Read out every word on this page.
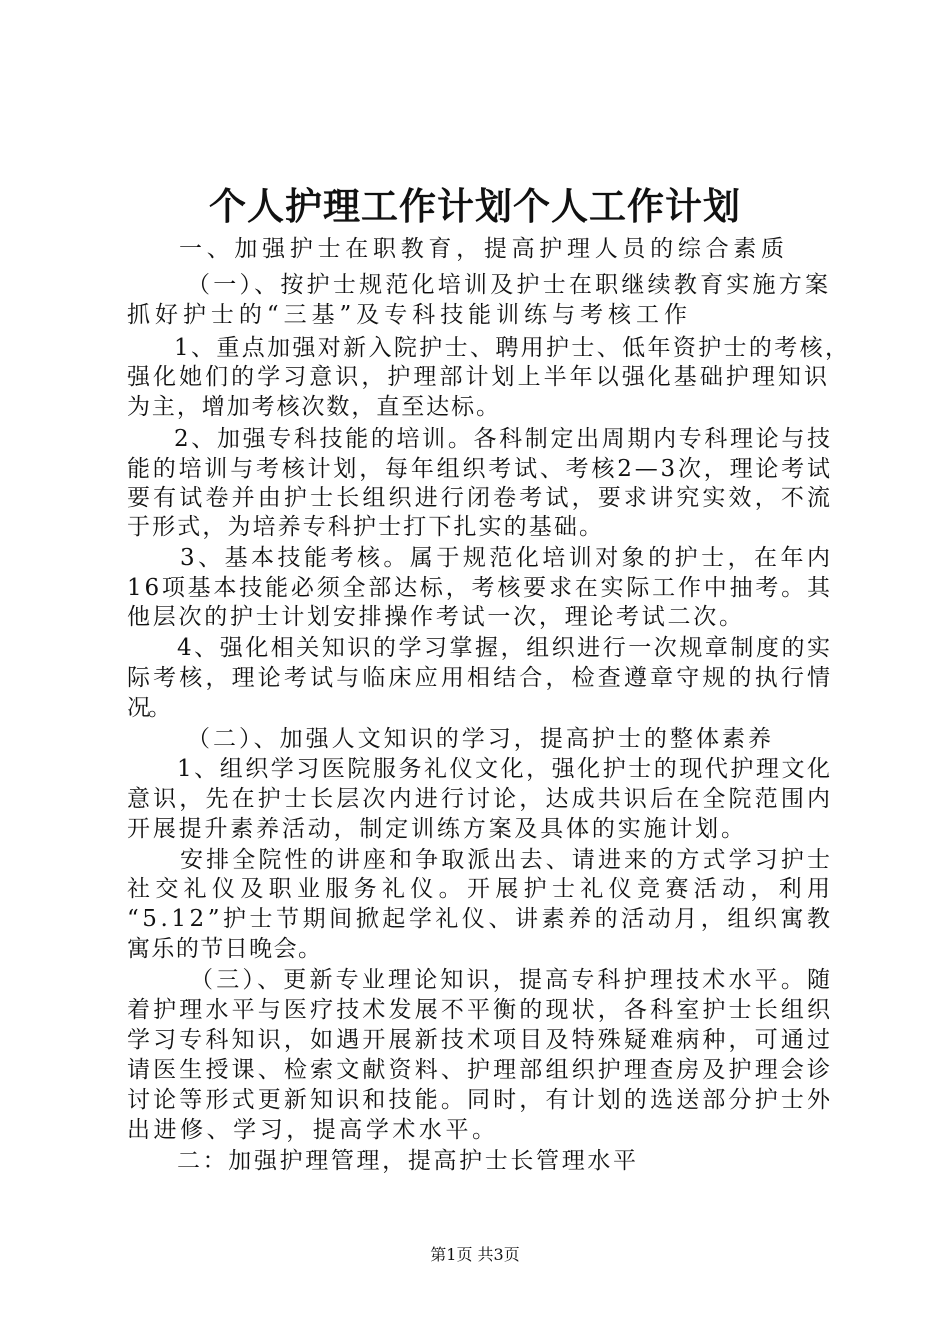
个人护理工作计划个人工作计划
一、加强护士在职教育，提高护理人员的综合素质
（一）、按护士规范化培训及护士在职继续教育实施方案
抓好护士的“三基”及专科技能训练与考核工作
1、重点加强对新入院护士、聘用护士、低年资护士的考核，
强化她们的学习意识，护理部计划上半年以强化基础护理知识
为主，增加考核次数，直至达标。
2、加强专科技能的培训。各科制定出周期内专科理论与技
能的培训与考核计划，每年组织考试、考核2—3次，理论考试
要有试卷并由护士长组织进行闭卷考试，要求讲究实效，不流
于形式，为培养专科护士打下扎实的基础。
3、基本技能考核。属于规范化培训对象的护士，在年内
16项基本技能必须全部达标，考核要求在实际工作中抽考。其
他层次的护士计划安排操作考试一次，理论考试二次。
4、强化相关知识的学习掌握，组织进行一次规章制度的实
际考核，理论考试与临床应用相结合，检查遵章守规的执行情
况。
（二）、加强人文知识的学习，提高护士的整体素养
1、组织学习医院服务礼仪文化，强化护士的现代护理文化
意识，先在护士长层次内进行讨论，达成共识后在全院范围内
开展提升素养活动，制定训练方案及具体的实施计划。
安排全院性的讲座和争取派出去、请进来的方式学习护士
社交礼仪及职业服务礼仪。开展护士礼仪竞赛活动，利用
“5.12”护士节期间掀起学礼仪、讲素养的活动月，组织寓教
寓乐的节日晚会。
（三）、更新专业理论知识，提高专科护理技术水平。随
着护理水平与医疗技术发展不平衡的现状，各科室护士长组织
学习专科知识，如遇开展新技术项目及特殊疑难病种，可通过
请医生授课、检索文献资料、护理部组织护理查房及护理会诊
讨论等形式更新知识和技能。同时，有计划的选送部分护士外
出进修、学习，提高学术水平。
二：加强护理管理，提高护士长管理水平
第1页 共3页
